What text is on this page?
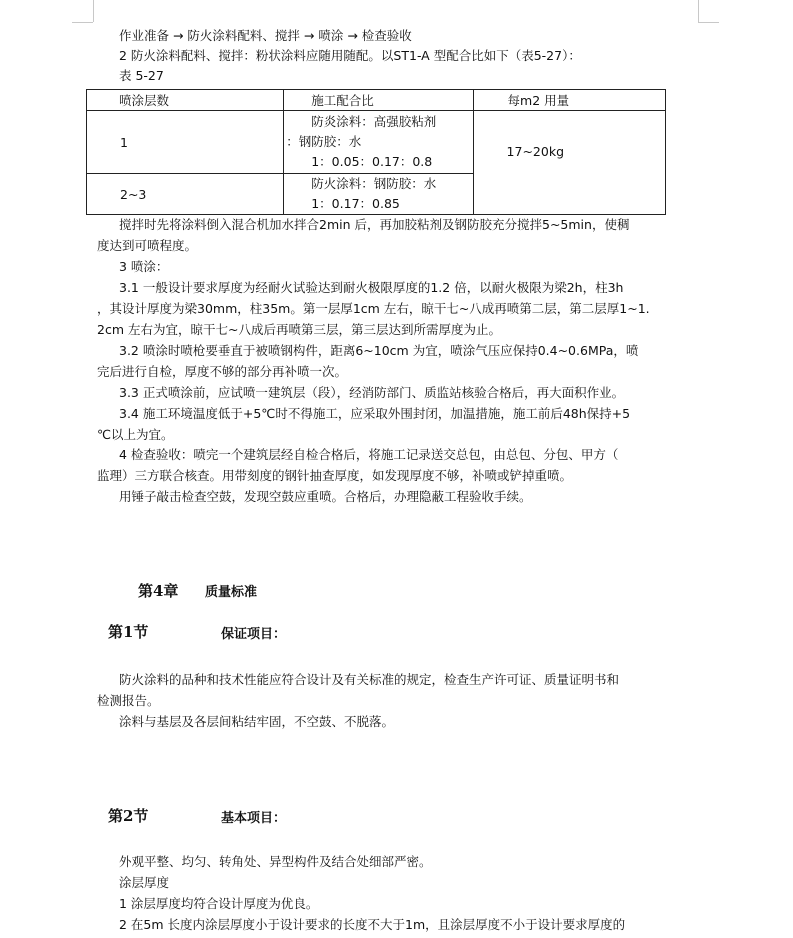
作业准备 → 防火涂料配料、搅拌 → 喷涂 → 检查验收
2 防火涂料配料、搅拌：粉状涂料应随用随配。以ST1-A 型配合比如下（表5-27）：
表 5-27
喷涂层数	施工配合比	每m2 用量
1	防炎涂料：高强胶粘剂
：钢防胶：水
1：0.05：0.17：0.8	17~20kg
2~3	防火涂料：钢防胶：水
1：0.17：0.85	
搅拌时先将涂料倒入混合机加水拌合2min 后，再加胶粘剂及钢防胶充分搅拌5~5min，使稠
度达到可喷程度。
3 喷涂：
3.1 一般设计要求厚度为经耐火试验达到耐火极限厚度的1.2 倍，以耐火极限为梁2h，柱3h
，其设计厚度为梁30mm，柱35m。第一层厚1cm 左右，晾干七~八成再喷第二层，第二层厚1~1.
2cm 左右为宜，晾干七~八成后再喷第三层，第三层达到所需厚度为止。
3.2 喷涂时喷枪要垂直于被喷钢构件，距离6~10cm 为宜，喷涂气压应保持0.4~0.6MPa，喷
完后进行自检，厚度不够的部分再补喷一次。
3.3 正式喷涂前，应试喷一建筑层（段），经消防部门、质监站核验合格后，再大面积作业。
3.4 施工环境温度低于+5℃时不得施工，应采取外围封闭，加温措施，施工前后48h保持+5
℃以上为宜。
4 检查验收：喷完一个建筑层经自检合格后，将施工记录送交总包，由总包、分包、甲方（
监理）三方联合核查。用带刻度的钢针抽查厚度，如发现厚度不够，补喷或铲掉重喷。
用锤子敲击检查空鼓，发现空鼓应重喷。合格后，办理隐蔽工程验收手续。
第4章 质量标准
第1节	保证项目：
防火涂料的品种和技术性能应符合设计及有关标准的规定，检查生产许可证、质量证明书和
检测报告。
涂料与基层及各层间粘结牢固，不空鼓、不脱落。
第2节	基本项目：
外观平整、均匀、转角处、异型构件及结合处细部严密。
涂层厚度
1 涂层厚度均符合设计厚度为优良。
2 在5m 长度内涂层厚度小于设计要求的长度不大于1m，且涂层厚度不小于设计要求厚度的
